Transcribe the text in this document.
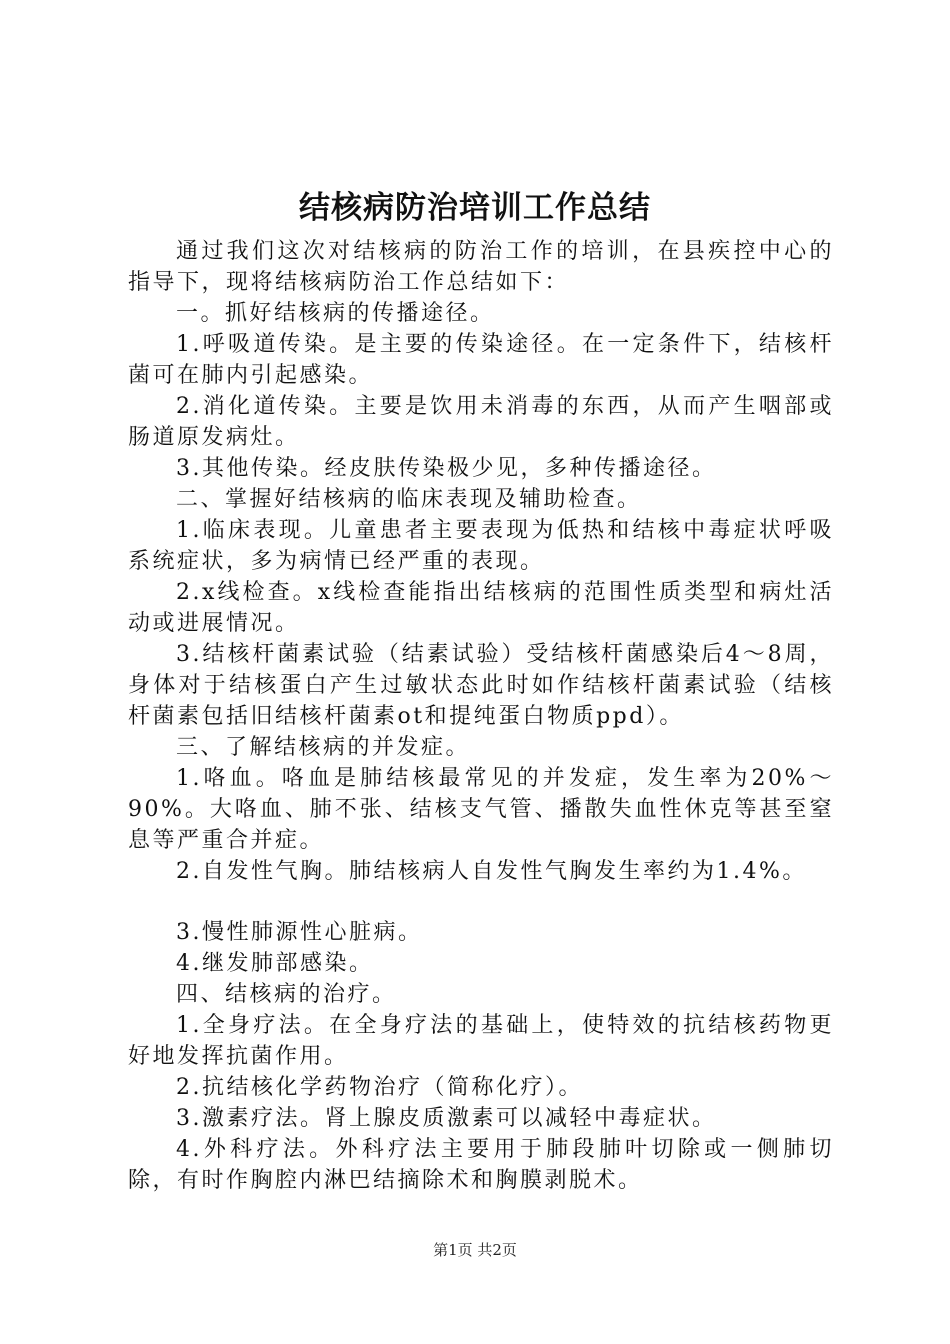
结核病防治培训工作总结

通过我们这次对结核病的防治工作的培训，在县疾控中心的指导下，现将结核病防治工作总结如下：

一。抓好结核病的传播途径。

1.呼吸道传染。是主要的传染途径。在一定条件下，结核杆菌可在肺内引起感染。

2.消化道传染。主要是饮用未消毒的东西，从而产生咽部或肠道原发病灶。

3.其他传染。经皮肤传染极少见，多种传播途径。

二、掌握好结核病的临床表现及辅助检查。

1.临床表现。儿童患者主要表现为低热和结核中毒症状呼吸系统症状，多为病情已经严重的表现。

2.x线检查。x线检查能指出结核病的范围性质类型和病灶活动或进展情况。

3.结核杆菌素试验（结素试验）受结核杆菌感染后4～8周，身体对于结核蛋白产生过敏状态此时如作结核杆菌素试验（结核杆菌素包括旧结核杆菌素ot和提纯蛋白物质ppd）。

三、了解结核病的并发症。

1.咯血。咯血是肺结核最常见的并发症，发生率为20%～90%。大咯血、肺不张、结核支气管、播散失血性休克等甚至窒息等严重合并症。

2.自发性气胸。肺结核病人自发性气胸发生率约为1.4%。

3.慢性肺源性心脏病。

4.继发肺部感染。

四、结核病的治疗。

1.全身疗法。在全身疗法的基础上，使特效的抗结核药物更好地发挥抗菌作用。

2.抗结核化学药物治疗（简称化疗）。

3.激素疗法。肾上腺皮质激素可以减轻中毒症状。

4.外科疗法。外科疗法主要用于肺段肺叶切除或一侧肺切除，有时作胸腔内淋巴结摘除术和胸膜剥脱术。

第1页 共2页
